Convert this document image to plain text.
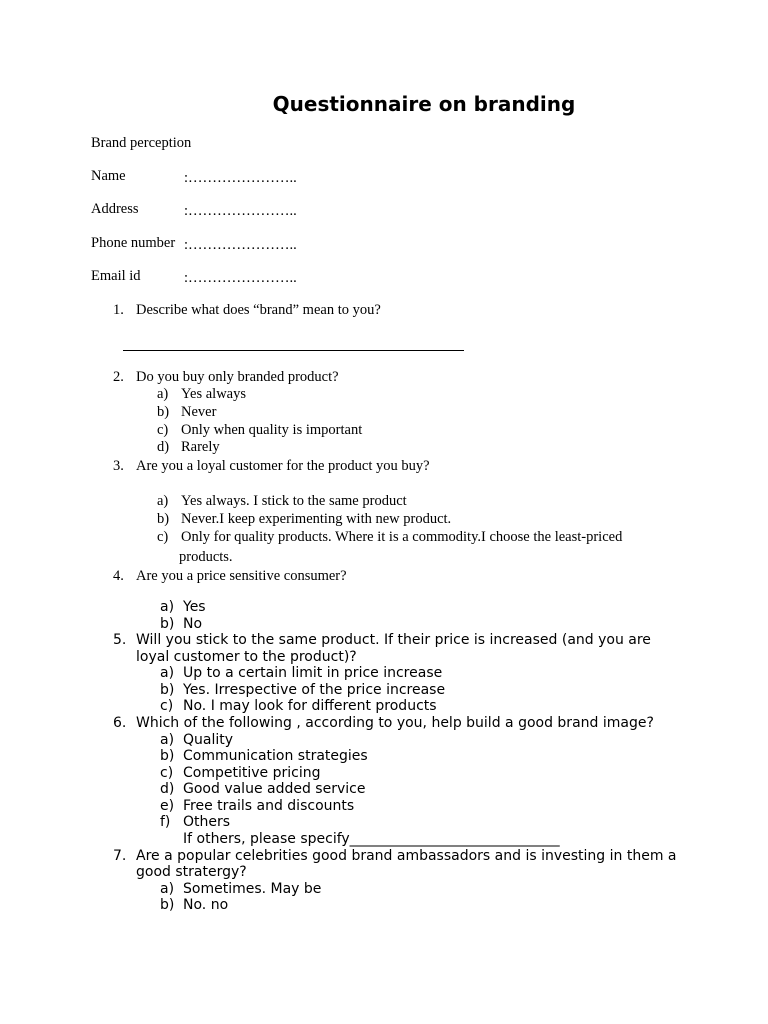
Questionnaire on branding
Brand perception
Name	:…………………..
Address	:…………………..
Phone number :…………………..
Email id	:…………………..
1. Describe what does “brand” mean to you?
2. Do you buy only branded product?
a) Yes always
b) Never
c) Only when quality is important
d) Rarely
3. Are you a loyal customer for the product you buy?
a) Yes always. I stick to the same product
b) Never.I keep experimenting with new product.
c) Only for quality products. Where it is a commodity.I choose the least-priced
products.
4. Are you a price sensitive consumer?
a) Yes
b) No
5. Will you stick to the same product. If their price is increased (and you are
loyal customer to the product)?
a) Up to a certain limit in price increase
b) Yes. Irrespective of the price increase
c) No. I may look for different products
6. Which of the following , according to you, help build a good brand image?
a) Quality
b) Communication strategies
c) Competitive pricing
d) Good value added service
e) Free trails and discounts
f) Others
If others, please specify______________________________
7. Are a popular celebrities good brand ambassadors and is investing in them a
good stratergy?
a) Sometimes. May be
b) No. no
